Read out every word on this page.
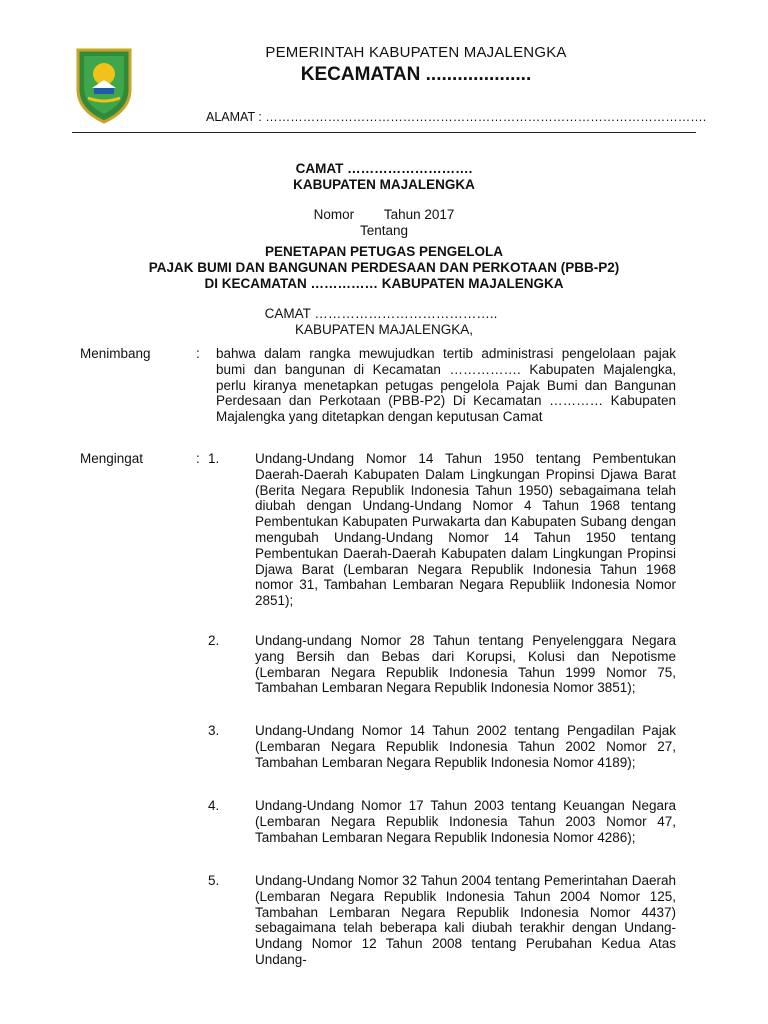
PEMERINTAH KABUPATEN MAJALENGKA
KECAMATAN ....................
ALAMAT : …………………………………………………………………………………………….
CAMAT ……………………….
KABUPATEN MAJALENGKA
Nomor        Tahun 2017
Tentang
PENETAPAN PETUGAS PENGELOLA
PAJAK BUMI DAN BANGUNAN PERDESAAN DAN PERKOTAAN (PBB-P2)
DI KECAMATAN …………… KABUPATEN MAJALENGKA
CAMAT …………………………………..
KABUPATEN MAJALENGKA,
Menimbang	: bahwa dalam rangka mewujudkan tertib administrasi pengelolaan pajak bumi dan bangunan di Kecamatan ……………. Kabupaten Majalengka, perlu kiranya menetapkan petugas pengelola Pajak Bumi dan Bangunan Perdesaan dan Perkotaan (PBB-P2) Di Kecamatan ………… Kabupaten Majalengka yang ditetapkan dengan keputusan Camat
Mengingat	: 1.	Undang-Undang Nomor 14 Tahun 1950 tentang Pembentukan Daerah-Daerah Kabupaten Dalam Lingkungan Propinsi Djawa Barat (Berita Negara Republik Indonesia Tahun 1950) sebagaimana telah diubah dengan Undang-Undang Nomor 4 Tahun 1968 tentang Pembentukan Kabupaten Purwakarta dan Kabupaten Subang dengan mengubah Undang-Undang Nomor 14 Tahun 1950 tentang Pembentukan Daerah-Daerah Kabupaten dalam Lingkungan Propinsi Djawa Barat (Lembaran Negara Republik Indonesia Tahun 1968 nomor 31, Tambahan Lembaran Negara Republiik Indonesia Nomor 2851);
2.	Undang-undang Nomor 28 Tahun tentang Penyelenggara Negara yang Bersih dan Bebas dari Korupsi, Kolusi dan Nepotisme (Lembaran Negara Republik Indonesia Tahun 1999 Nomor 75, Tambahan Lembaran Negara Republik Indonesia Nomor 3851);
3.	Undang-Undang Nomor 14 Tahun 2002 tentang Pengadilan Pajak (Lembaran Negara Republik Indonesia Tahun 2002 Nomor 27, Tambahan Lembaran Negara Republik Indonesia Nomor 4189);
4.	Undang-Undang Nomor 17 Tahun 2003 tentang Keuangan Negara (Lembaran Negara Republik Indonesia Tahun 2003 Nomor 47, Tambahan Lembaran Negara Republik Indonesia Nomor 4286);
5.	Undang-Undang Nomor 32 Tahun 2004 tentang Pemerintahan Daerah (Lembaran Negara Republik Indonesia Tahun 2004 Nomor 125, Tambahan Lembaran Negara Republik Indonesia Nomor 4437) sebagaimana telah beberapa kali diubah terakhir dengan Undang-Undang Nomor 12 Tahun 2008 tentang Perubahan Kedua Atas Undang-
